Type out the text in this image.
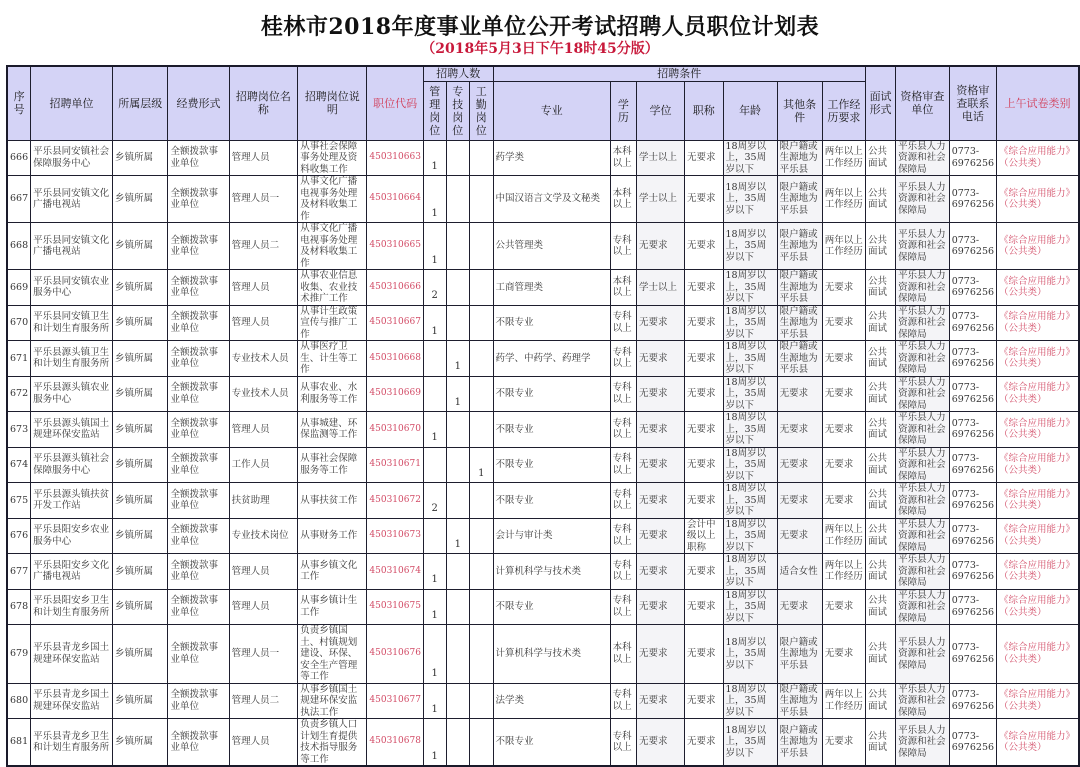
桂林市2018年度事业单位公开考试招聘人员职位计划表
（2018年5月3日下午18时45分版）
序号	招聘单位	所属层级	经费形式	招聘岗位名称	招聘岗位说明	职位代码	招聘人数			招聘条件							面试形式	资格审查单位	资格审查联系电话	上午试卷类别
							管理岗位	专技岗位	工勤岗位	专业	学历	学位	职称	年龄	其他条件	工作经历要求				
666	平乐县同安镇社会保障服务中心	乡镇所属	全额拨款事业单位	管理人员	从事社会保障事务处理及资料收集工作	450310663	1			药学类	本科以上	学士以上	无要求	18周岁以上，35周岁以下	限户籍或生源地为平乐县	两年以上工作经历	公共面试	平乐县人力资源和社会保障局	0773-6976256	《综合应用能力》（公共类）
667	平乐县同安镇文化广播电视站	乡镇所属	全额拨款事业单位	管理人员一	从事文化广播电视事务处理及材料收集工作	450310664	1			中国汉语言文学及文秘类	本科以上	学士以上	无要求	18周岁以上，35周岁以下	限户籍或生源地为平乐县	两年以上工作经历	公共面试	平乐县人力资源和社会保障局	0773-6976256	《综合应用能力》（公共类）
668	平乐县同安镇文化广播电视站	乡镇所属	全额拨款事业单位	管理人员二	从事文化广播电视事务处理及材料收集工作	450310665	1			公共管理类	专科以上	无要求	无要求	18周岁以上，35周岁以下	限户籍或生源地为平乐县	两年以上工作经历	公共面试	平乐县人力资源和社会保障局	0773-6976256	《综合应用能力》（公共类）
669	平乐县同安镇农业服务中心	乡镇所属	全额拨款事业单位	管理人员	从事农业信息收集、农业技术推广工作	450310666	2			工商管理类	本科以上	学士以上	无要求	18周岁以上，35周岁以下	限户籍或生源地为平乐县	无要求	公共面试	平乐县人力资源和社会保障局	0773-6976256	《综合应用能力》（公共类）
670	平乐县同安镇卫生和计划生育服务所	乡镇所属	全额拨款事业单位	管理人员	从事计生政策宣传与推广工作	450310667	1			不限专业	专科以上	无要求	无要求	18周岁以上，35周岁以下	限户籍或生源地为平乐县	无要求	公共面试	平乐县人力资源和社会保障局	0773-6976256	《综合应用能力》（公共类）
671	平乐县源头镇卫生和计划生育服务所	乡镇所属	全额拨款事业单位	专业技术人员	从事医疗卫生、计生等工作	450310668		1		药学、中药学、药理学	专科以上	无要求	无要求	18周岁以上，35周岁以下	限户籍或生源地为平乐县	无要求	公共面试	平乐县人力资源和社会保障局	0773-6976256	《综合应用能力》（公共类）
672	平乐县源头镇农业服务中心	乡镇所属	全额拨款事业单位	专业技术人员	从事农业、水利服务等工作	450310669		1		不限专业	专科以上	无要求	无要求	18周岁以上，35周岁以下	无要求	无要求	公共面试	平乐县人力资源和社会保障局	0773-6976256	《综合应用能力》（公共类）
673	平乐县源头镇国土规建环保安监站	乡镇所属	全额拨款事业单位	管理人员	从事城建、环保监测等工作	450310670	1			不限专业	专科以上	无要求	无要求	18周岁以上，35周岁以下	无要求	无要求	公共面试	平乐县人力资源和社会保障局	0773-6976256	《综合应用能力》（公共类）
674	平乐县源头镇社会保障服务中心	乡镇所属	全额拨款事业单位	工作人员	从事社会保障服务等工作	450310671			1	不限专业	专科以上	无要求	无要求	18周岁以上，35周岁以下	无要求	无要求	公共面试	平乐县人力资源和社会保障局	0773-6976256	《综合应用能力》（公共类）
675	平乐县源头镇扶贫开发工作站	乡镇所属	全额拨款事业单位	扶贫助理	从事扶贫工作	450310672	2			不限专业	专科以上	无要求	无要求	18周岁以上，35周岁以下	无要求	无要求	公共面试	平乐县人力资源和社会保障局	0773-6976256	《综合应用能力》（公共类）
676	平乐县阳安乡农业服务中心	乡镇所属	全额拨款事业单位	专业技术岗位	从事财务工作	450310673		1		会计与审计类	专科以上	无要求	会计中级以上职称	18周岁以上，35周岁以下	无要求	两年以上工作经历	公共面试	平乐县人力资源和社会保障局	0773-6976256	《综合应用能力》（公共类）
677	平乐县阳安乡文化广播电视站	乡镇所属	全额拨款事业单位	管理人员	从事乡镇文化工作	450310674	1			计算机科学与技术类	专科以上	无要求	无要求	18周岁以上，35周岁以下	适合女性	两年以上工作经历	公共面试	平乐县人力资源和社会保障局	0773-6976256	《综合应用能力》（公共类）
678	平乐县阳安乡卫生和计划生育服务所	乡镇所属	全额拨款事业单位	管理人员	从事乡镇计生工作	450310675	1			不限专业	专科以上	无要求	无要求	18周岁以上，35周岁以下	无要求	无要求	公共面试	平乐县人力资源和社会保障局	0773-6976256	《综合应用能力》（公共类）
679	平乐县青龙乡国土规建环保安监站	乡镇所属	全额拨款事业单位	管理人员一	负责乡镇国土、村镇规划建设、环保、安全生产管理等工作	450310676	1			计算机科学与技术类	本科以上	无要求	无要求	18周岁以上，35周岁以下	限户籍或生源地为平乐县	无要求	公共面试	平乐县人力资源和社会保障局	0773-6976256	《综合应用能力》（公共类）
680	平乐县青龙乡国土规建环保安监站	乡镇所属	全额拨款事业单位	管理人员二	从事乡镇国土规建环保安监执法工作	450310677	1			法学类	专科以上	无要求	无要求	18周岁以上，35周岁以下	限户籍或生源地为平乐县	两年以上工作经历	公共面试	平乐县人力资源和社会保障局	0773-6976256	《综合应用能力》（公共类）
681	平乐县青龙乡卫生和计划生育服务所	乡镇所属	全额拨款事业单位	管理人员	负责乡镇人口计划生育提供技术指导服务等工作	450310678	1			不限专业	专科以上	无要求	无要求	18周岁以上，35周岁以下	限户籍或生源地为平乐县	无要求	公共面试	平乐县人力资源和社会保障局	0773-6976256	《综合应用能力》（公共类）
